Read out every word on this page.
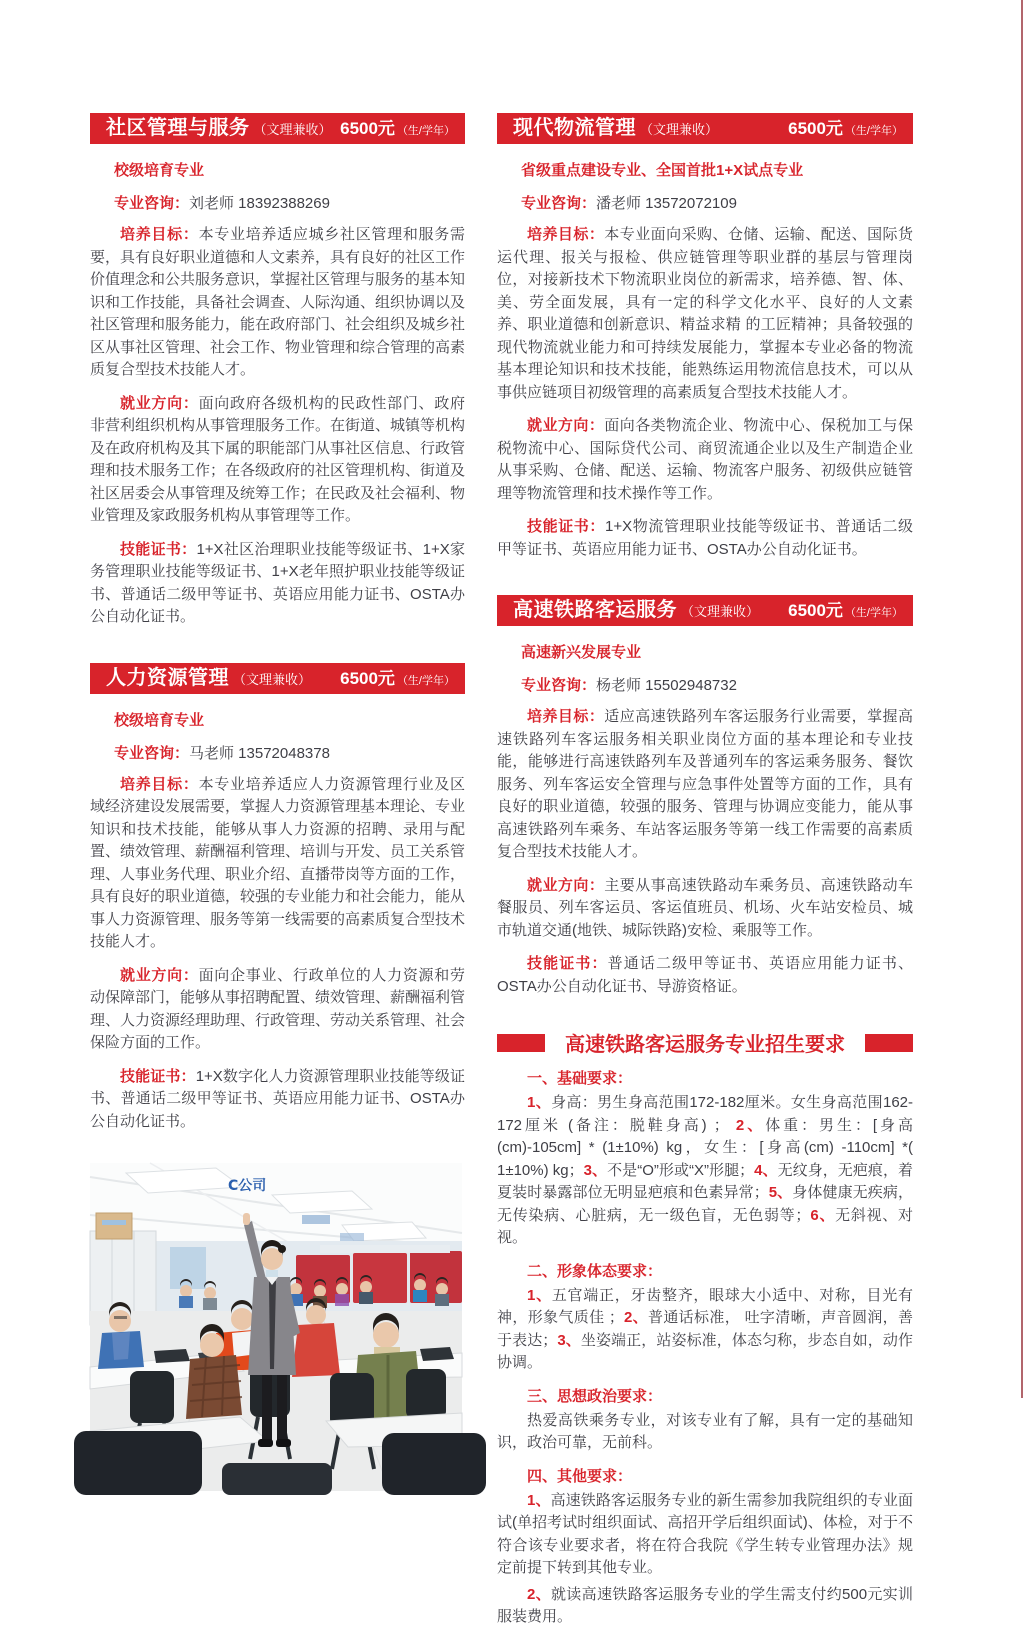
社区管理与服务 （文理兼收） 6500元 （生/学年）
校级培育专业
专业咨询：刘老师 18392388269

培养目标：本专业培养适应城乡社区管理和服务需要，具有良好职业道德和人文素养，具有良好的社区工作价值理念和公共服务意识，掌握社区管理与服务的基本知识和工作技能，具备社会调查、人际沟通、组织协调以及社区管理和服务能力，能在政府部门、社会组织及城乡社区从事社区管理、社会工作、物业管理和综合管理的高素质复合型技术技能人才。

就业方向：面向政府各级机构的民政性部门、政府非营利组织机构从事管理服务工作。在街道、城镇等机构及在政府机构及其下属的职能部门从事社区信息、行政管理和技术服务工作；在各级政府的社区管理机构、街道及社区居委会从事管理及统筹工作；在民政及社会福利、物业管理及家政服务机构从事管理等工作。

技能证书：1+X社区治理职业技能等级证书、1+X家务管理职业技能等级证书、1+X老年照护职业技能等级证书、普通话二级甲等证书、英语应用能力证书、OSTA办公自动化证书。

人力资源管理 （文理兼收） 6500元 （生/学年）
校级培育专业
专业咨询：马老师 13572048378

培养目标：本专业培养适应人力资源管理行业及区域经济建设发展需要，掌握人力资源管理基本理论、专业知识和技术技能，能够从事人力资源的招聘、录用与配置、绩效管理、薪酬福利管理、培训与开发、员工关系管理、人事业务代理、职业介绍、直播带岗等方面的工作，具有良好的职业道德，较强的专业能力和社会能力，能从事人力资源管理、服务等第一线需要的高素质复合型技术技能人才。

就业方向：面向企事业、行政单位的人力资源和劳动保障部门，能够从事招聘配置、绩效管理、薪酬福利管理、人力资源经理助理、行政管理、劳动关系管理、社会保险方面的工作。

技能证书：1+X数字化人力资源管理职业技能等级证书、普通话二级甲等证书、英语应用能力证书、OSTA办公自动化证书。

C公司
现代物流管理 （文理兼收）	6500元 （生/学年）
省级重点建设专业、全国首批1+X试点专业
专业咨询：潘老师 13572072109

培养目标：本专业面向采购、仓储、运输、配送、国际货运代理、报关与报检、供应链管理等职业群的基层与管理岗位，对接新技术下物流职业岗位的新需求，培养德、智、体、美、劳全面发展，具有一定的科学文化水平、良好的人文素养、职业道德和创新意识、精益求精 的工匠精神；具备较强的现代物流就业能力和可持续发展能力，掌握本专业必备的物流基本理论知识和技术技能，能熟练运用物流信息技术，可以从事供应链项目初级管理的高素质复合型技术技能人才。

就业方向：面向各类物流企业、物流中心、保税加工与保税物流中心、国际贷代公司、商贸流通企业以及生产制造企业从事采购、仓储、配送、运输、物流客户服务、初级供应链管理等物流管理和技术操作等工作。

技能证书：1+X物流管理职业技能等级证书、普通话二级甲等证书、英语应用能力证书、OSTA办公自动化证书。

高速铁路客运服务 （文理兼收） 6500元 （生/学年）
高速新兴发展专业
专业咨询：杨老师 15502948732

培养目标：适应高速铁路列车客运服务行业需要，掌握高速铁路列车客运服务相关职业岗位方面的基本理论和专业技能，能够进行高速铁路列车及普通列车的客运乘务服务、餐饮服务、列车客运安全管理与应急事件处置等方面的工作，具有良好的职业道德，较强的服务、管理与协调应变能力，能从事高速铁路列车乘务、车站客运服务等第一线工作需要的高素质复合型技术技能人才。

就业方向：主要从事高速铁路动车乘务员、高速铁路动车餐服员、列车客运员、客运值班员、机场、火车站安检员、城市轨道交通(地铁、城际铁路)安检、乘服等工作。

技能证书：普通话二级甲等证书、英语应用能力证书、OSTA办公自动化证书、导游资格证。

高速铁路客运服务专业招生要求
一、基础要求：

1、身高：男生身高范围172-182厘米。女生身高范围162-172厘米 (备注：脱鞋身高) ； 2、体重：男生：[身高(cm)-105cm] * (1±10%) kg，女生：[身高(cm) -110cm] *( 1±10%) kg；3、不是“O”形或“X”形腿；4、无纹身，无疤痕，着夏装时暴露部位无明显疤痕和色素异常；5、身体健康无疾病，无传染病、心脏病，无一级色盲，无色弱等；6、无斜视、对视。

二、形象体态要求：

1、五官端正，牙齿整齐，眼球大小适中、对称，目光有神，形象气质佳 ；2、普通话标准， 吐字清晰，声音圆润，善于表达；3、坐姿端正，站姿标准，体态匀称，步态自如，动作协调。

三、思想政治要求：

热爱高铁乘务专业，对该专业有了解，具有一定的基础知识，政治可靠，无前科。

四、其他要求：

1、高速铁路客运服务专业的新生需参加我院组织的专业面试(单招考试时组织面试、高招开学后组织面试)、体检，对于不符合该专业要求者，将在符合我院《学生转专业管理办法》规定前提下转到其他专业。

2、就读高速铁路客运服务专业的学生需支付约500元实训服装费用。
